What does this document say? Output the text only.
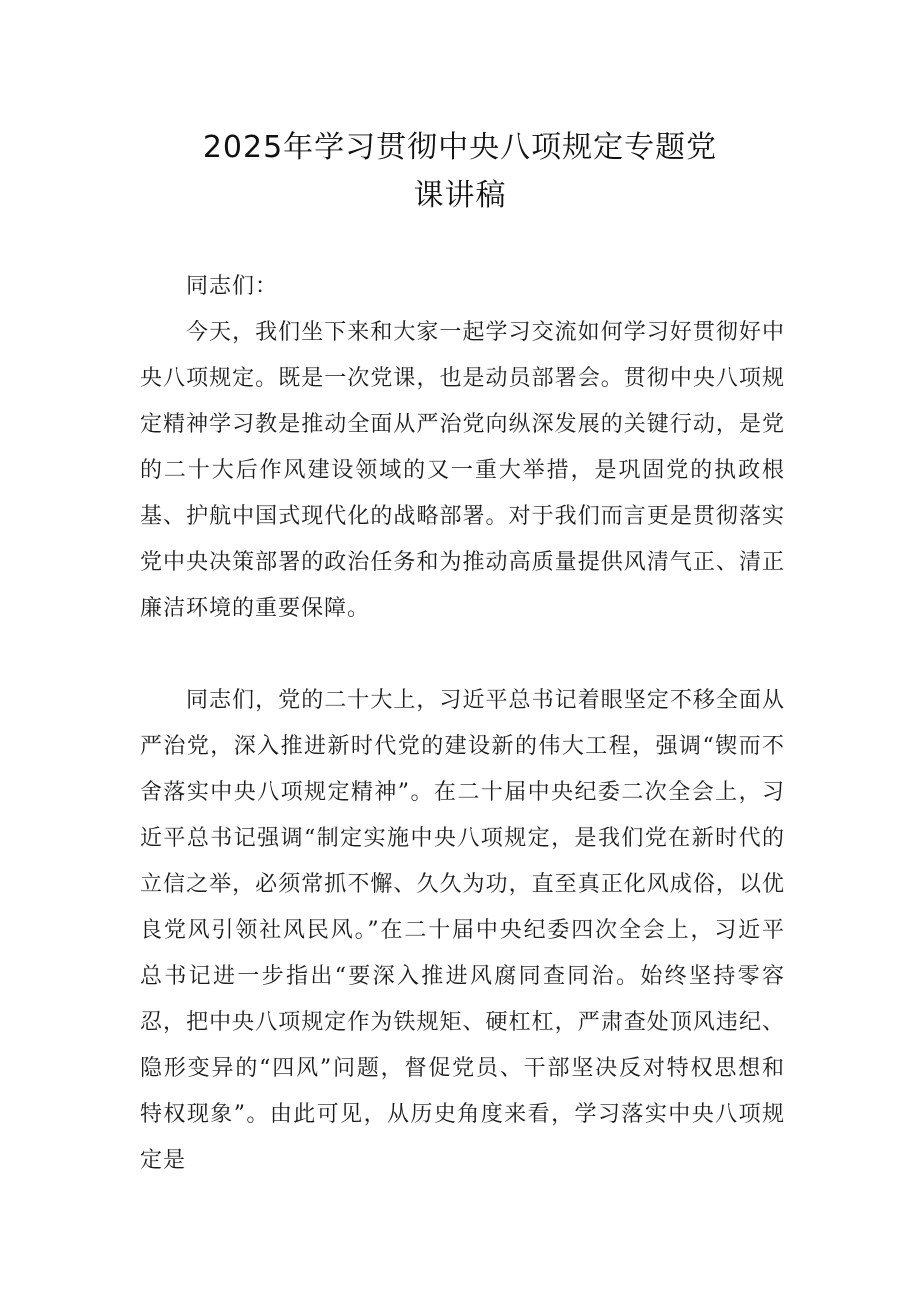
2025年学习贯彻中央八项规定专题党
课讲稿

同志们：

今天，我们坐下来和大家一起学习交流如何学习好贯彻好中央八项规定。既是一次党课，也是动员部署会。贯彻中央八项规定精神学习教是推动全面从严治党向纵深发展的关键行动，是党的二十大后作风建设领域的又一重大举措，是巩固党的执政根基、护航中国式现代化的战略部署。对于我们而言更是贯彻落实党中央决策部署的政治任务和为推动高质量提供风清气正、清正廉洁环境的重要保障。

同志们，党的二十大上，习近平总书记着眼坚定不移全面从严治党，深入推进新时代党的建设新的伟大工程，强调“锲而不舍落实中央八项规定精神”。在二十届中央纪委二次全会上，习近平总书记强调“制定实施中央八项规定，是我们党在新时代的立信之举，必须常抓不懈、久久为功，直至真正化风成俗，以优良党风引领社风民风。”在二十届中央纪委四次全会上，习近平总书记进一步指出“要深入推进风腐同查同治。始终坚持零容忍，把中央八项规定作为铁规矩、硬杠杠，严肃查处顶风违纪、隐形变异的“四风”问题，督促党员、干部坚决反对特权思想和特权现象”。由此可见，从历史角度来看，学习落实中央八项规定是
